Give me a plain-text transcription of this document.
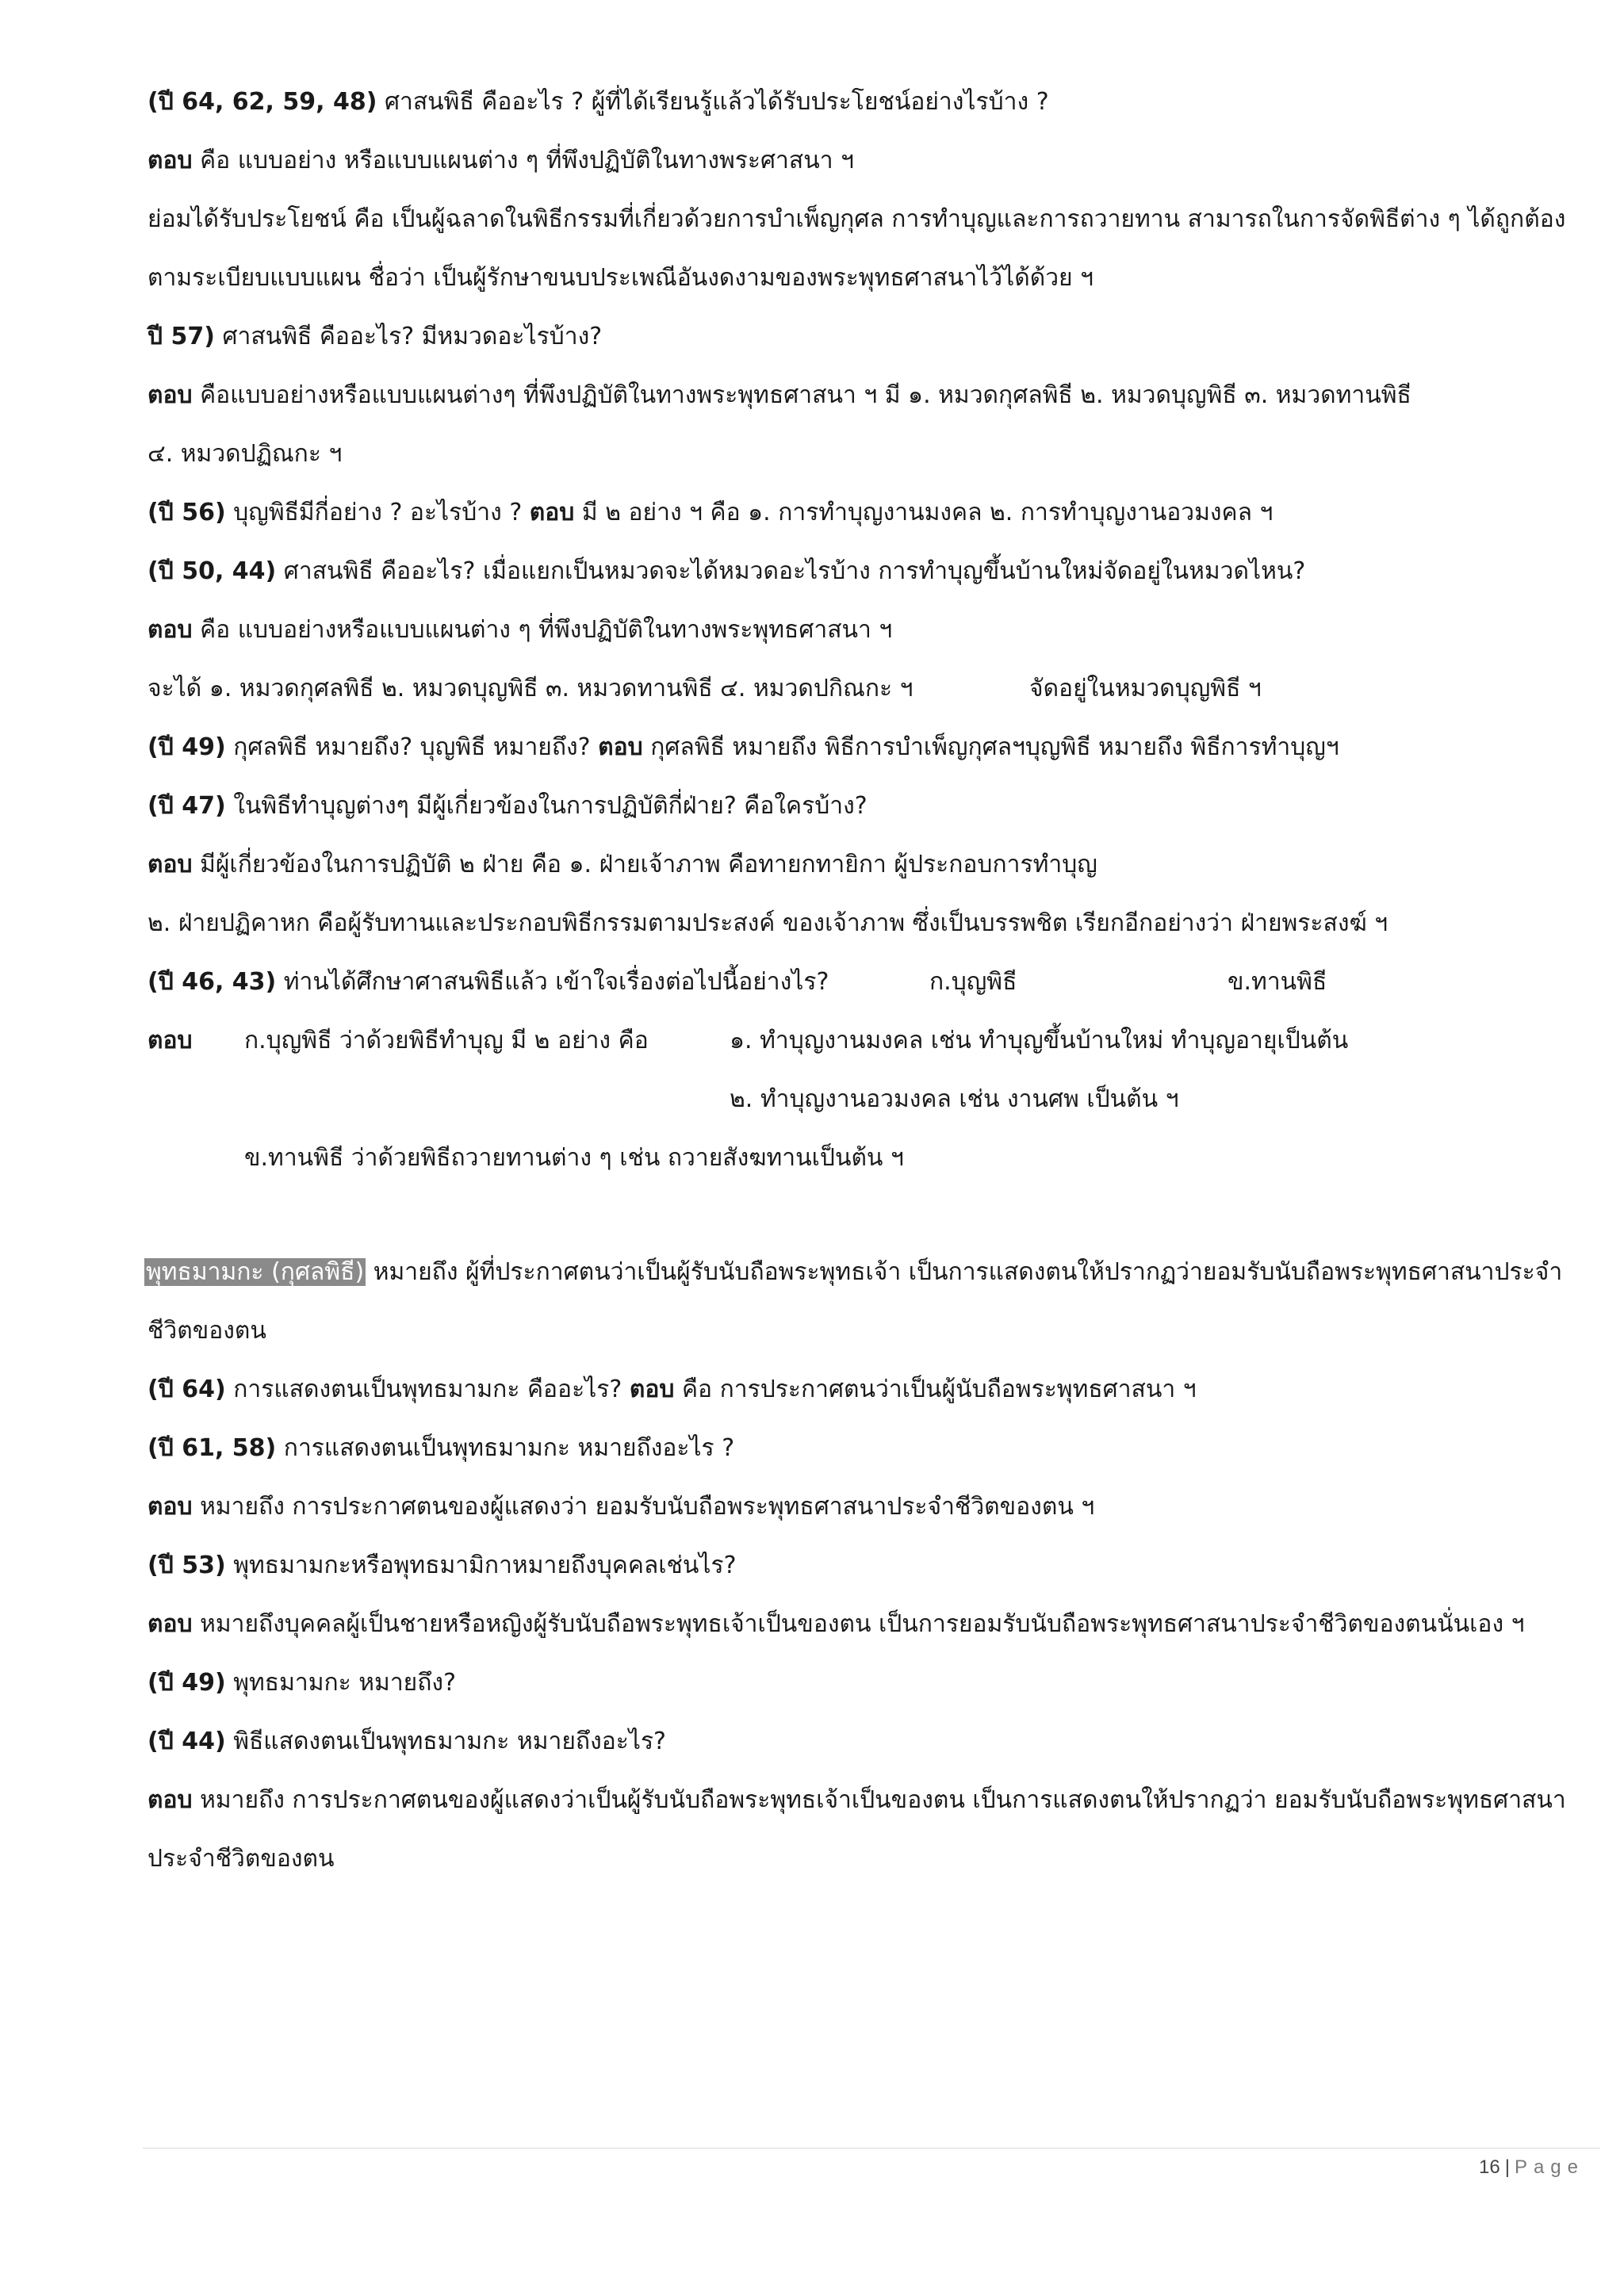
(ปี 64, 62, 59, 48) ศาสนพิธี คืออะไร ? ผู้ที่ได้เรียนรู้แล้วได้รับประโยชน์อย่างไรบ้าง ?
ตอบ คือ แบบอย่าง หรือแบบแผนต่าง ๆ ที่พึงปฏิบัติในทางพระศาสนา ฯ
ย่อมได้รับประโยชน์ คือ เป็นผู้ฉลาดในพิธีกรรมที่เกี่ยวด้วยการบำเพ็ญกุศล การทำบุญและการถวายทาน สามารถในการจัดพิธีต่าง ๆ ได้ถูกต้อง
ตามระเบียบแบบแผน ชื่อว่า เป็นผู้รักษาขนบประเพณีอันงดงามของพระพุทธศาสนาไว้ได้ด้วย ฯ
ปี 57) ศาสนพิธี คืออะไร? มีหมวดอะไรบ้าง?
ตอบ คือแบบอย่างหรือแบบแผนต่างๆ ที่พึงปฏิบัติในทางพระพุทธศาสนา ฯ มี ๑. หมวดกุศลพิธี ๒. หมวดบุญพิธี ๓. หมวดทานพิธี
๔. หมวดปฏิณกะ ฯ
(ปี 56) บุญพิธีมีกี่อย่าง ? อะไรบ้าง ? ตอบ มี ๒ อย่าง ฯ คือ ๑. การทำบุญงานมงคล ๒. การทำบุญงานอวมงคล ฯ
(ปี 50, 44) ศาสนพิธี คืออะไร? เมื่อแยกเป็นหมวดจะได้หมวดอะไรบ้าง การทำบุญขึ้นบ้านใหม่จัดอยู่ในหมวดไหน?
ตอบ คือ แบบอย่างหรือแบบแผนต่าง ๆ ที่พึงปฏิบัติในทางพระพุทธศาสนา ฯ
จะได้ ๑. หมวดกุศลพิธี ๒. หมวดบุญพิธี ๓. หมวดทานพิธี ๔. หมวดปกิณกะ ฯ	จัดอยู่ในหมวดบุญพิธี ฯ
(ปี 49) กุศลพิธี หมายถึง? บุญพิธี หมายถึง? ตอบ กุศลพิธี หมายถึง พิธีการบำเพ็ญกุศลฯบุญพิธี หมายถึง พิธีการทำบุญฯ
(ปี 47) ในพิธีทำบุญต่างๆ มีผู้เกี่ยวข้องในการปฏิบัติกี่ฝ่าย? คือใครบ้าง?
ตอบ มีผู้เกี่ยวข้องในการปฏิบัติ ๒ ฝ่าย คือ ๑. ฝ่ายเจ้าภาพ คือทายกทายิกา ผู้ประกอบการทำบุญ
๒. ฝ่ายปฏิคาหก คือผู้รับทานและประกอบพิธีกรรมตามประสงค์ ของเจ้าภาพ ซึ่งเป็นบรรพชิต เรียกอีกอย่างว่า ฝ่ายพระสงฆ์ ฯ
(ปี 46, 43) ท่านได้ศึกษาศาสนพิธีแล้ว เข้าใจเรื่องต่อไปนี้อย่างไร?	ก.บุญพิธี	ข.ทานพิธี
ตอบ ก.บุญพิธี ว่าด้วยพิธีทำบุญ มี ๒ อย่าง คือ	๑. ทำบุญงานมงคล เช่น ทำบุญขึ้นบ้านใหม่ ทำบุญอายุเป็นต้น
๒. ทำบุญงานอวมงคล เช่น งานศพ เป็นต้น ฯ
ข.ทานพิธี ว่าด้วยพิธีถวายทานต่าง ๆ เช่น ถวายสังฆทานเป็นต้น ฯ
พุทธมามกะ (กุศลพิธี) หมายถึง ผู้ที่ประกาศตนว่าเป็นผู้รับนับถือพระพุทธเจ้า เป็นการแสดงตนให้ปรากฏว่ายอมรับนับถือพระพุทธศาสนาประจำ
ชีวิตของตน
(ปี 64) การแสดงตนเป็นพุทธมามกะ คืออะไร? ตอบ คือ การประกาศตนว่าเป็นผู้นับถือพระพุทธศาสนา ฯ
(ปี 61, 58) การแสดงตนเป็นพุทธมามกะ หมายถึงอะไร ?
ตอบ หมายถึง การประกาศตนของผู้แสดงว่า ยอมรับนับถือพระพุทธศาสนาประจำชีวิตของตน ฯ
(ปี 53) พุทธมามกะหรือพุทธมามิกาหมายถึงบุคคลเช่นไร?
ตอบ หมายถึงบุคคลผู้เป็นชายหรือหญิงผู้รับนับถือพระพุทธเจ้าเป็นของตน เป็นการยอมรับนับถือพระพุทธศาสนาประจำชีวิตของตนนั่นเอง ฯ
(ปี 49) พุทธมามกะ หมายถึง?
(ปี 44) พิธีแสดงตนเป็นพุทธมามกะ หมายถึงอะไร?
ตอบ หมายถึง การประกาศตนของผู้แสดงว่าเป็นผู้รับนับถือพระพุทธเจ้าเป็นของตน เป็นการแสดงตนให้ปรากฏว่า ยอมรับนับถือพระพุทธศาสนา
ประจำชีวิตของตน
16 | Page
